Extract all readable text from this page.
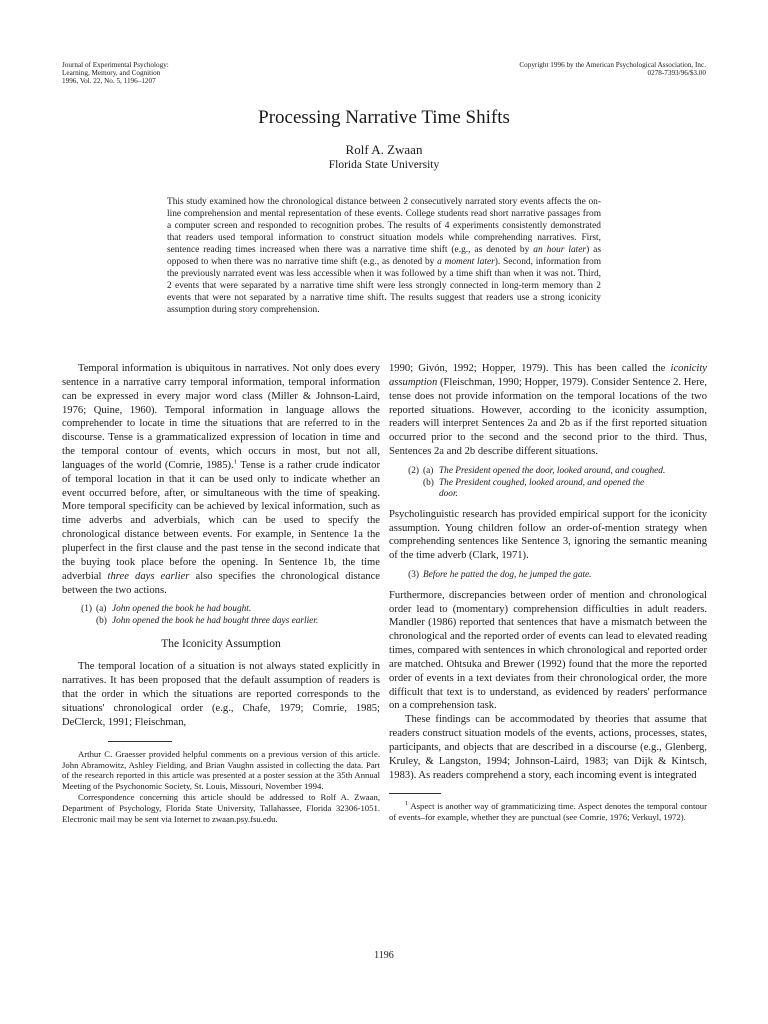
Journal of Experimental Psychology:
Learning, Memory, and Cognition
1996, Vol. 22, No. 5, 1196–1207
Copyright 1996 by the American Psychological Association, Inc.
0278-7393/96/$3.00
Processing Narrative Time Shifts
Rolf A. Zwaan
Florida State University
This study examined how the chronological distance between 2 consecutively narrated story events affects the on-line comprehension and mental representation of these events. College students read short narrative passages from a computer screen and responded to recognition probes. The results of 4 experiments consistently demonstrated that readers used temporal information to construct situation models while comprehending narratives. First, sentence reading times increased when there was a narrative time shift (e.g., as denoted by an hour later) as opposed to when there was no narrative time shift (e.g., as denoted by a moment later). Second, information from the previously narrated event was less accessible when it was followed by a time shift than when it was not. Third, 2 events that were separated by a narrative time shift were less strongly connected in long-term memory than 2 events that were not separated by a narrative time shift. The results suggest that readers use a strong iconicity assumption during story comprehension.

Temporal information is ubiquitous in narratives. Not only does every sentence in a narrative carry temporal information, temporal information can be expressed in every major word class (Miller & Johnson-Laird, 1976; Quine, 1960). Temporal information in language allows the comprehender to locate in time the situations that are referred to in the discourse. Tense is a grammaticalized expression of location in time and the temporal contour of events, which occurs in most, but not all, languages of the world (Comrie, 1985).$^1$ Tense is a rather crude indicator of temporal location in that it can be used only to indicate whether an event occurred before, after, or simultaneous with the time of speaking. More temporal specificity can be achieved by lexical information, such as time adverbs and adverbials, which can be used to specify the chronological distance between events. For example, in Sentence 1a the pluperfect in the first clause and the past tense in the second indicate that the buying took place before the opening. In Sentence 1b, the time adverbial three days earlier also specifies the chronological distance between the two actions.

(1) (a) John opened the book he had bought.
(b) John opened the book he had bought three days earlier.
The Iconicity Assumption

The temporal location of a situation is not always stated explicitly in narratives. It has been proposed that the default assumption of readers is that the order in which the situations are reported corresponds to the situations' chronological order (e.g., Chafe, 1979; Comrie, 1985; DeClerck, 1991; Fleischman,

Arthur C. Graesser provided helpful comments on a previous version of this article. John Abramowitz, Ashley Fielding, and Brian Vaughn assisted in collecting the data. Part of the research reported in this article was presented at a poster session at the 35th Annual Meeting of the Psychonomic Society, St. Louis, Missouri, November 1994.

Correspondence concerning this article should be addressed to Rolf A. Zwaan, Department of Psychology, Florida State University, Tallahassee, Florida 32306-1051. Electronic mail may be sent via Internet to zwaan.psy.fsu.edu.

1990; Givón, 1992; Hopper, 1979). This has been called the iconicity assumption (Fleischman, 1990; Hopper, 1979). Consider Sentence 2. Here, tense does not provide information on the temporal locations of the two reported situations. However, according to the iconicity assumption, readers will interpret Sentences 2a and 2b as if the first reported situation occurred prior to the second and the second prior to the third. Thus, Sentences 2a and 2b describe different situations.

(2) (a) The President opened the door, looked around, and coughed.
(b) The President coughed, looked around, and opened the
door.

Psycholinguistic research has provided empirical support for the iconicity assumption. Young children follow an order-of-mention strategy when comprehending sentences like Sentence 3, ignoring the semantic meaning of the time adverb (Clark, 1971).

(3) Before he patted the dog, he jumped the gate.

Furthermore, discrepancies between order of mention and chronological order lead to (momentary) comprehension difficulties in adult readers. Mandler (1986) reported that sentences that have a mismatch between the chronological and the reported order of events can lead to elevated reading times, compared with sentences in which chronological and reported order are matched. Ohtsuka and Brewer (1992) found that the more the reported order of events in a text deviates from their chronological order, the more difficult that text is to understand, as evidenced by readers' performance on a comprehension task.

These findings can be accommodated by theories that assume that readers construct situation models of the events, actions, processes, states, participants, and objects that are described in a discourse (e.g., Glenberg, Kruley, & Langston, 1994; Johnson-Laird, 1983; van Dijk & Kintsch, 1983). As readers comprehend a story, each incoming event is integrated

$^1$ Aspect is another way of grammaticizing time. Aspect denotes the temporal contour of events–for example, whether they are punctual (see Comrie, 1976; Verkuyl, 1972).

1196
